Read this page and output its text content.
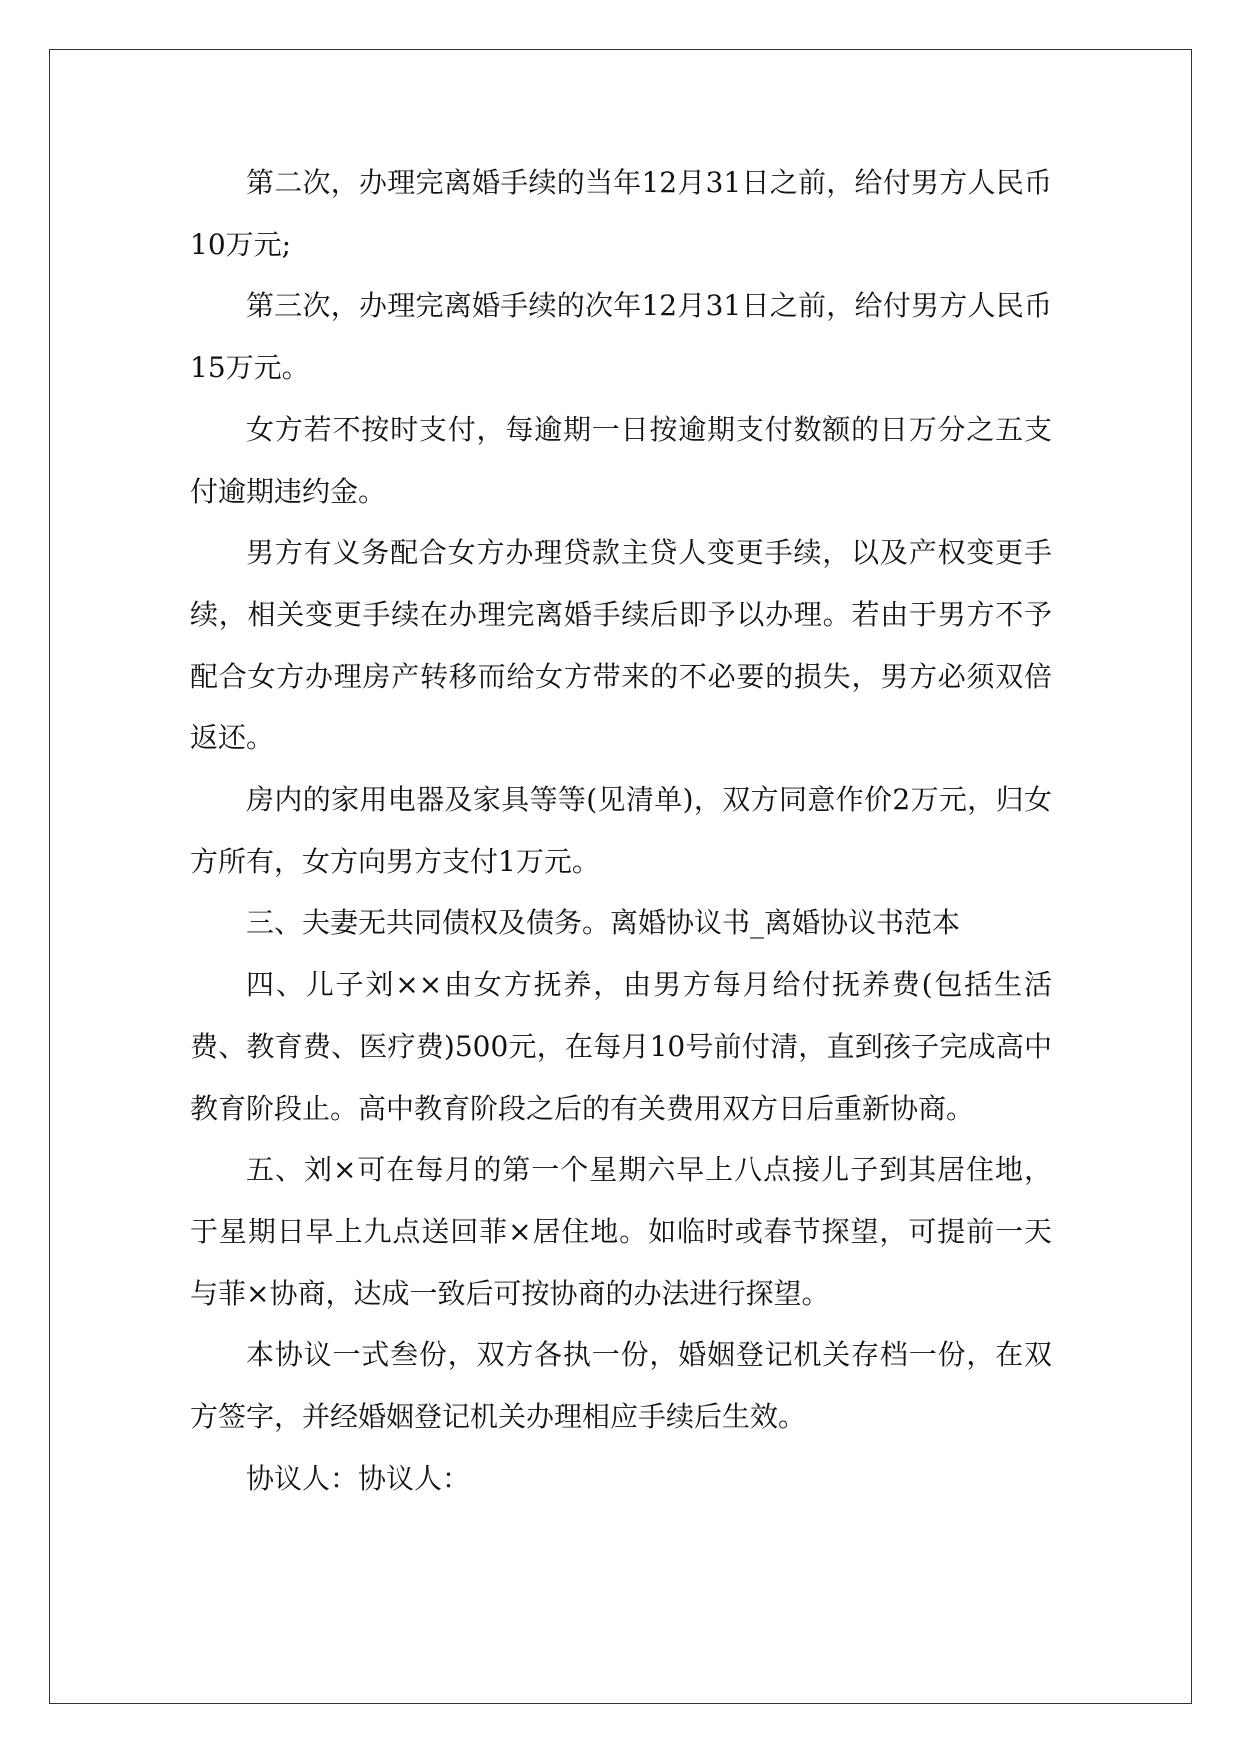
第二次，办理完离婚手续的当年12月31日之前，给付男方人民币10万元;

第三次，办理完离婚手续的次年12月31日之前，给付男方人民币15万元。

女方若不按时支付，每逾期一日按逾期支付数额的日万分之五支付逾期违约金。

男方有义务配合女方办理贷款主贷人变更手续，以及产权变更手续，相关变更手续在办理完离婚手续后即予以办理。若由于男方不予配合女方办理房产转移而给女方带来的不必要的损失，男方必须双倍返还。

房内的家用电器及家具等等(见清单)，双方同意作价2万元，归女方所有，女方向男方支付1万元。

三、夫妻无共同债权及债务。离婚协议书_离婚协议书范本

四、儿子刘××由女方抚养，由男方每月给付抚养费(包括生活费、教育费、医疗费)500元，在每月10号前付清，直到孩子完成高中教育阶段止。高中教育阶段之后的有关费用双方日后重新协商。

五、刘×可在每月的第一个星期六早上八点接儿子到其居住地，于星期日早上九点送回菲×居住地。如临时或春节探望，可提前一天与菲×协商，达成一致后可按协商的办法进行探望。

本协议一式叁份，双方各执一份，婚姻登记机关存档一份，在双方签字，并经婚姻登记机关办理相应手续后生效。

协议人：协议人：
